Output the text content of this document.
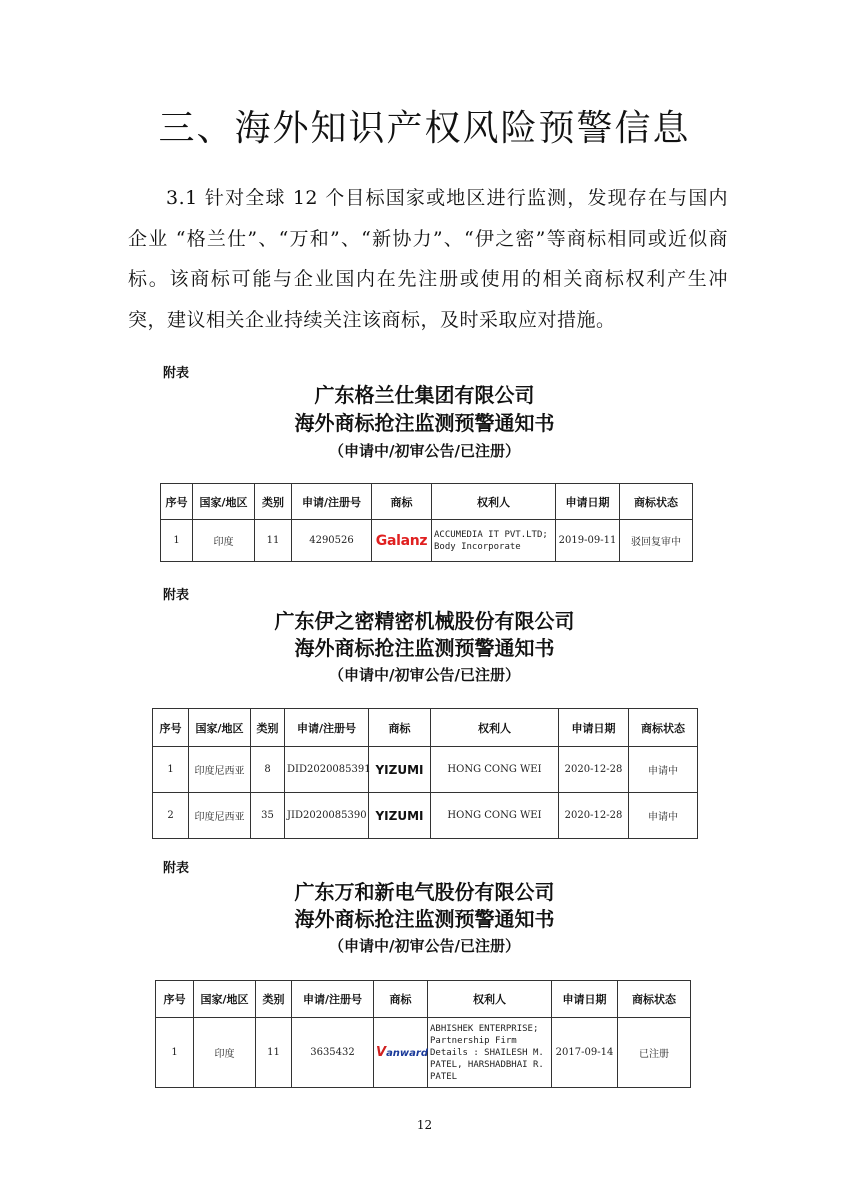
三、海外知识产权风险预警信息
3.1 针对全球 12 个目标国家或地区进行监测，发现存在与国内企业 “格兰仕”、“万和”、“新协力”、“伊之密”等商标相同或近似商标。该商标可能与企业国内在先注册或使用的相关商标权利产生冲突，建议相关企业持续关注该商标，及时采取应对措施。
附表
广东格兰仕集团有限公司
海外商标抢注监测预警通知书
（申请中/初审公告/已注册）
序号	国家/地区	类别	申请/注册号	商标	权利人	申请日期	商标状态
1	印度	11	4290526	Galanz	ACCUMEDIA IT PVT.LTD; Body Incorporate	2019-09-11	驳回复审中
附表
广东伊之密精密机械股份有限公司
海外商标抢注监测预警通知书
（申请中/初审公告/已注册）
序号	国家/地区	类别	申请/注册号	商标	权利人	申请日期	商标状态
1	印度尼西亚	8	DID2020085391	YIZUMI	HONG CONG WEI	2020-12-28	申请中
2	印度尼西亚	35	JID2020085390	YIZUMI	HONG CONG WEI	2020-12-28	申请中
附表
广东万和新电气股份有限公司
海外商标抢注监测预警通知书
（申请中/初审公告/已注册）
序号	国家/地区	类别	申请/注册号	商标	权利人	申请日期	商标状态
1	印度	11	3635432	Vanward	ABHISHEK ENTERPRISE; Partnership Firm Details : SHAILESH M. PATEL, HARSHADBHAI R. PATEL	2017-09-14	已注册
12
